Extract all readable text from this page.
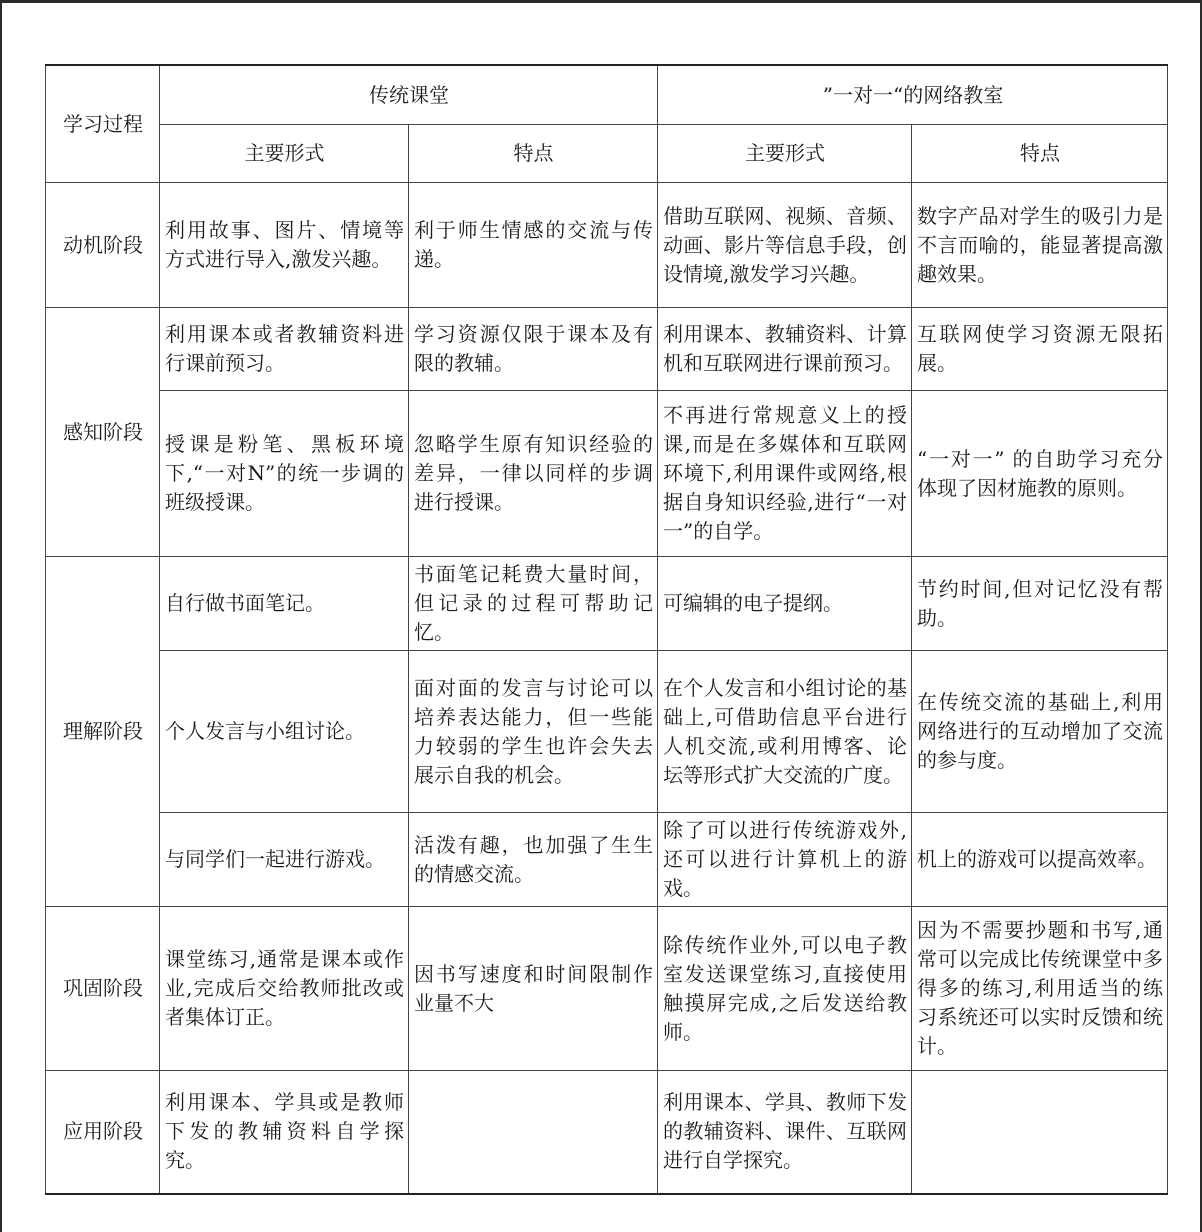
学习过程	传统课堂		”一对一“的网络教室	
	主要形式	特点	主要形式	特点
动机阶段	利用故事、图片、情境等方式进行导入,激发兴趣。	利于师生情感的交流与传递。	借助互联网、视频、音频、动画、影片等信息手段，创设情境,激发学习兴趣。	数字产品对学生的吸引力是不言而喻的，能显著提高激趣效果。
感知阶段	利用课本或者教辅资料进行课前预习。	学习资源仅限于课本及有限的教辅。	利用课本、教辅资料、计算机和互联网进行课前预习。	互联网使学习资源无限拓展。
	授课是粉笔、黑板环境下,“一对N”的统一步调的班级授课。	忽略学生原有知识经验的差异，一律以同样的步调进行授课。	不再进行常规意义上的授课,而是在多媒体和互联网环境下,利用课件或网络,根据自身知识经验,进行“一对一”的自学。	“一对一” 的自助学习充分体现了因材施教的原则。
理解阶段	自行做书面笔记。	书面笔记耗费大量时间，但记录的过程可帮助记忆。	可编辑的电子提纲。	节约时间,但对记忆没有帮助。
	个人发言与小组讨论。	面对面的发言与讨论可以培养表达能力，但一些能力较弱的学生也许会失去展示自我的机会。	在个人发言和小组讨论的基础上,可借助信息平台进行人机交流,或利用博客、论坛等形式扩大交流的广度。	在传统交流的基础上,利用网络进行的互动增加了交流的参与度。
	与同学们一起进行游戏。	活泼有趣，也加强了生生的情感交流。	除了可以进行传统游戏外,还可以进行计算机上的游戏。	机上的游戏可以提高效率。
巩固阶段	课堂练习,通常是课本或作业,完成后交给教师批改或者集体订正。	因书写速度和时间限制作业量不大	除传统作业外,可以电子教室发送课堂练习,直接使用触摸屏完成,之后发送给教师。	因为不需要抄题和书写,通常可以完成比传统课堂中多得多的练习,利用适当的练习系统还可以实时反馈和统计。
应用阶段	利用课本、学具或是教师下发的教辅资料自学探究。		利用课本、学具、教师下发的教辅资料、课件、互联网进行自学探究。	
